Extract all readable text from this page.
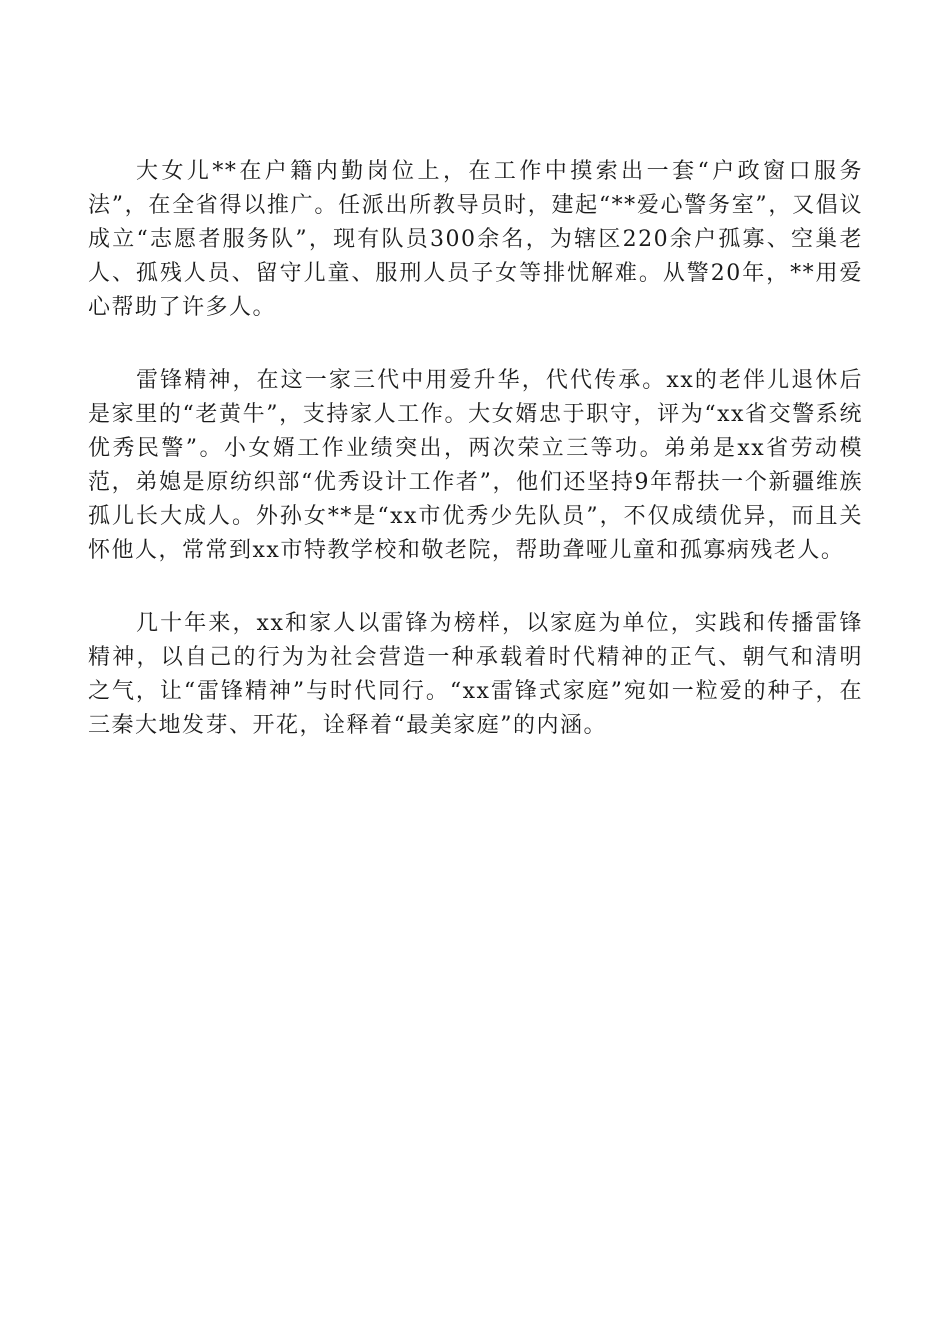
大女儿**在户籍内勤岗位上，在工作中摸索出一套“户政窗口服务法”，在全省得以推广。任派出所教导员时，建起“**爱心警务室”，又倡议成立“志愿者服务队”，现有队员300余名，为辖区220余户孤寡、空巢老人、孤残人员、留守儿童、服刑人员子女等排忧解难。从警20年，**用爱心帮助了许多人。

雷锋精神，在这一家三代中用爱升华，代代传承。xx的老伴儿退休后是家里的“老黄牛”，支持家人工作。大女婿忠于职守，评为“xx省交警系统优秀民警”。小女婿工作业绩突出，两次荣立三等功。弟弟是xx省劳动模范，弟媳是原纺织部“优秀设计工作者”，他们还坚持9年帮扶一个新疆维族孤儿长大成人。外孙女**是“xx市优秀少先队员”，不仅成绩优异，而且关怀他人，常常到xx市特教学校和敬老院，帮助聋哑儿童和孤寡病残老人。

几十年来，xx和家人以雷锋为榜样，以家庭为单位，实践和传播雷锋精神，以自己的行为为社会营造一种承载着时代精神的正气、朝气和清明之气，让“雷锋精神”与时代同行。“xx雷锋式家庭”宛如一粒爱的种子，在三秦大地发芽、开花，诠释着“最美家庭”的内涵。
